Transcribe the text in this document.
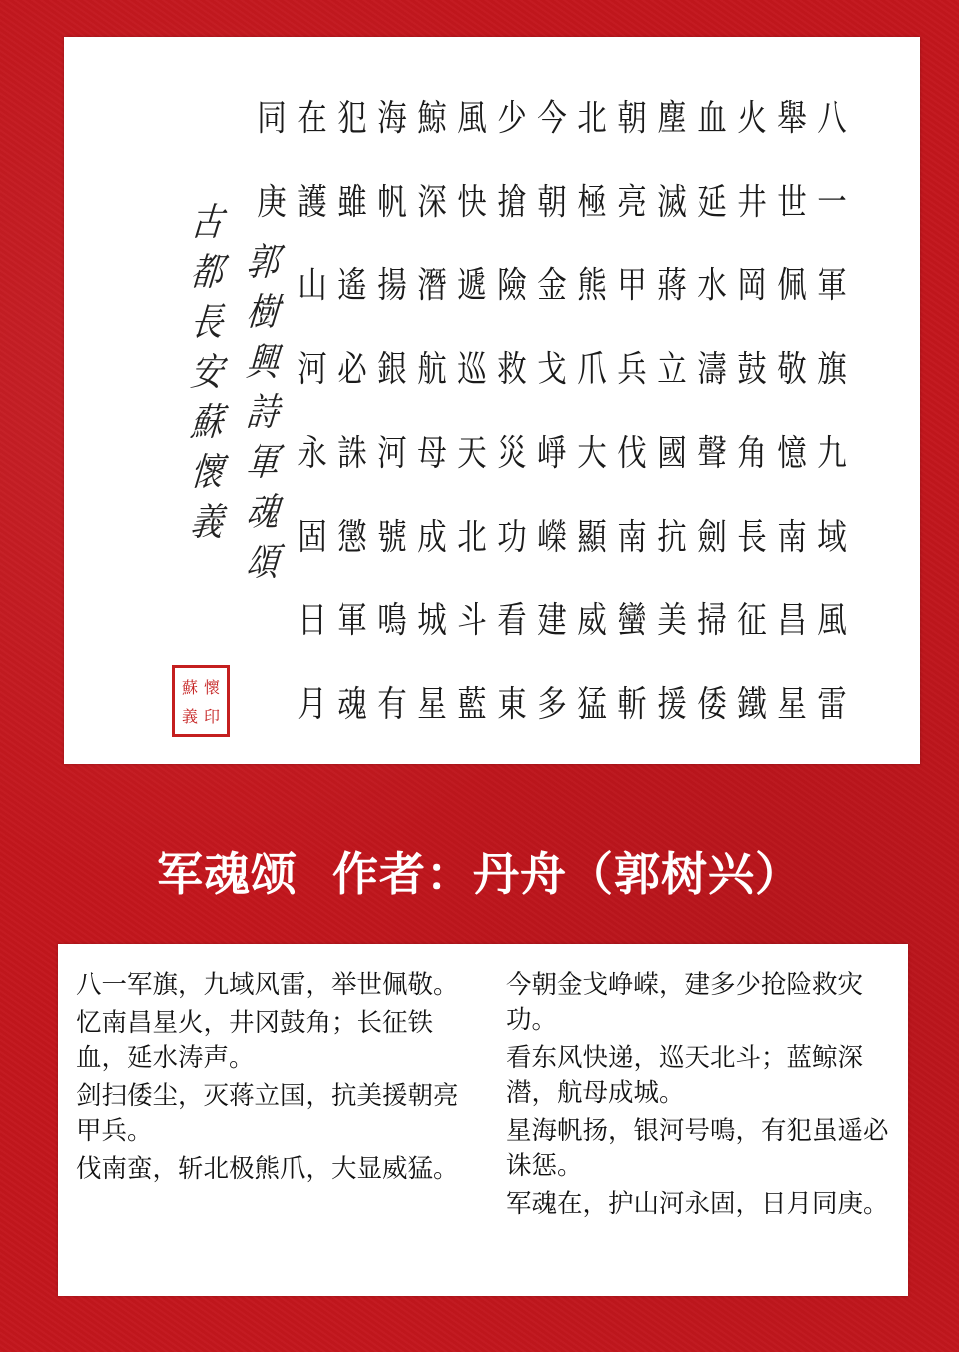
八
一
軍
旗
九
域
風
雷
舉
世
佩
敬
憶
南
昌
星
火
井
岡
鼓
角
長
征
鐵
血
延
水
濤
聲
劍
掃
倭
塵
滅
蔣
立
國
抗
美
援
朝
亮
甲
兵
伐
南
蠻
斬
北
極
熊
爪
大
顯
威
猛
今
朝
金
戈
崢
嶸
建
多
少
搶
險
救
災
功
看
東
風
快
遞
巡
天
北
斗
藍
鯨
深
潛
航
母
成
城
星
海
帆
揚
銀
河
號
鳴
有
犯
雖
遙
必
誅
懲
軍
魂
在
護
山
河
永
固
日
月
同
庚
郭
樹
興
詩
軍
魂
頌
古
都
長
安
蘇
懷
義
蘇 懷
義 印
军魂颂  作者：丹舟（郭树兴）

八一军旗，九域风雷，举世佩敬。

忆南昌星火，井冈鼓角；长征铁血，延水涛声。

剑扫倭尘，灭蒋立国，抗美援朝亮甲兵。

伐南蛮，斩北极熊爪，大显威猛。

今朝金戈峥嵘，建多少抢险救灾功。

看东风快递，巡天北斗；蓝鲸深潜，航母成城。

星海帆扬，银河号鳴，有犯虽遥必诛惩。

军魂在，护山河永固，日月同庚。
